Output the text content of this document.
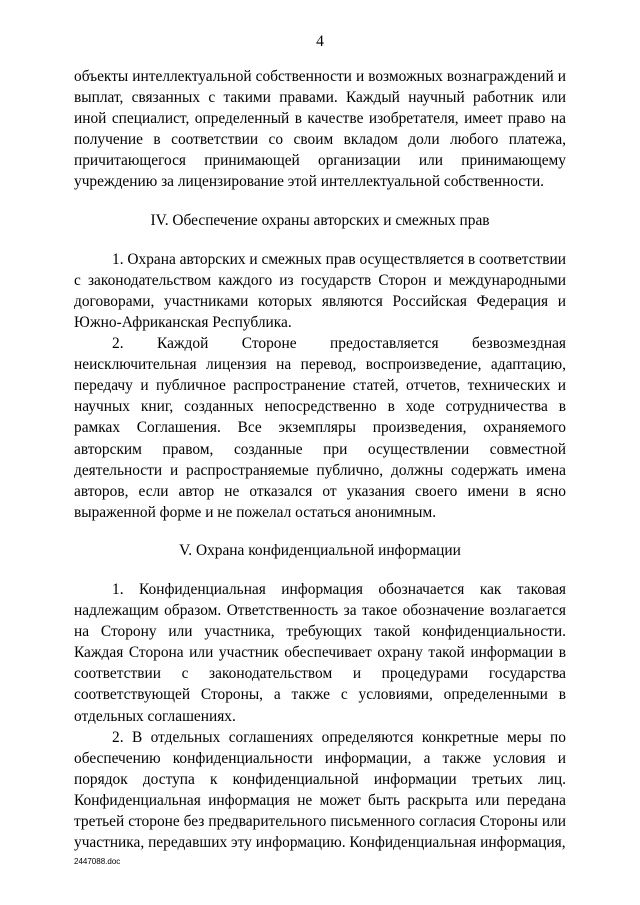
4

объекты интеллектуальной собственности и возможных вознаграждений и выплат, связанных с такими правами. Каждый научный работник или иной специалист, определенный в качестве изобретателя, имеет право на получение в соответствии со своим вкладом доли любого платежа, причитающегося принимающей организации или принимающему учреждению за лицензирование этой интеллектуальной собственности.

IV. Обеспечение охраны авторских и смежных прав

1. Охрана авторских и смежных прав осуществляется в соответствии с законодательством каждого из государств Сторон и международными договорами, участниками которых являются Российская Федерация и Южно-Африканская Республика.

2. Каждой Стороне предоставляется безвозмездная неисключительная лицензия на перевод, воспроизведение, адаптацию, передачу и публичное распространение статей, отчетов, технических и научных книг, созданных непосредственно в ходе сотрудничества в рамках Соглашения. Все экземпляры произведения, охраняемого авторским правом, созданные при осуществлении совместной деятельности и распространяемые публично, должны содержать имена авторов, если автор не отказался от указания своего имени в ясно выраженной форме и не пожелал остаться анонимным.

V. Охрана конфиденциальной информации

1. Конфиденциальная информация обозначается как таковая надлежащим образом. Ответственность за такое обозначение возлагается на Сторону или участника, требующих такой конфиденциальности. Каждая Сторона или участник обеспечивает охрану такой информации в соответствии с законодательством и процедурами государства соответствующей Стороны, а также с условиями, определенными в отдельных соглашениях.

2. В отдельных соглашениях определяются конкретные меры по обеспечению конфиденциальности информации, а также условия и порядок доступа к конфиденциальной информации третьих лиц. Конфиденциальная информация не может быть раскрыта или передана третьей стороне без предварительного письменного согласия Стороны или участника, передавших эту информацию. Конфиденциальная информация,

2447088.doc
